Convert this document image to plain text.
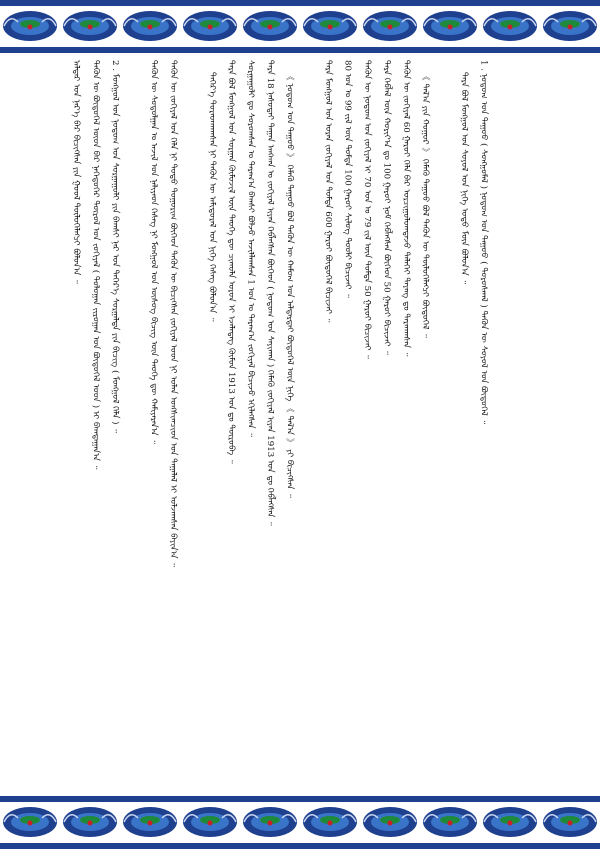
ᠠᠯᠳᠠᠷ ᠤᠨ ᠨᠡᠷ᠎ᠡ ᠪᠡᠷ ᠪᠢᠴᠢᠭᠰᠡᠨ ᠶᠢᠨ ᠭᠣᠣᠯ ᠲᠥᠯᠦᠭᠡᠯᠡᠭᠴᠢ ᠪᠣᠯᠤᠨ᠎ᠠ ᠃ ᠲᠡᠭᠦᠨ ᠦ ᠪᠦᠲᠦᠭᠡᠯ ᠦᠳ ᠪᠡᠷ ᠨᠡᠭᠡᠳᠦᠭᠡᠷ ᠲᠥᠷᠥᠯ ᠤᠨ ᠵᠣᠬᠢᠶᠠᠯ ( ᠳᠣᠯᠣᠭᠠᠨ ᠵᠢᠷᠤᠭᠠᠨ ᠤᠨ ᠪᠦᠲᠦᠭᠡᠯ ᠤᠳ ) ᠢ ᠪᠠᠭᠲᠠᠭᠠᠨ᠎ᠠ ᠃ 2 . ᠮᠣᠩᠭᠣᠯ ᠤᠨ ᠨᠤᠲᠤᠭ ᠤᠨ ᠰᠤᠷᠭᠠᠭᠤᠯᠢ ᠶᠢᠨ ᠪᠠᠭᠰᠢ ᠨᠠᠷ ᠤᠨ ᠳᠡᠭᠡᠷ᠎ᠡ ᠰᠤᠷᠭᠠᠯᠲᠠ ᠶᠢᠨ ᠪᠢᠴᠢᠭ ( ᠮᠣᠩᠭᠣᠯ ᠬᠡᠯᠡ ) ᠃	ᠲᠡᠭᠦᠨ ᠦ ᠰᠤᠳᠤᠯᠭᠠᠨ ᠤ ᠠᠵᠢᠯ ᠤᠨ ᠨᠡᠯᠢᠶᠡᠳ ᠬᠡᠰᠡᠭ ᠨᠢ ᠮᠣᠩᠭᠣᠯ ᠤᠨ ᠦᠰᠦᠭ ᠪᠢᠴᠢᠭ ᠦᠨ ᠲᠡᠦᠬᠡ ᠳᠦ ᠬᠠᠮᠢᠶᠠᠷᠠᠨ᠎ᠠ ᠃ ᠲᠡᠭᠦᠨ ᠦ ᠵᠣᠬᠢᠶᠠᠯ ᠤᠨ ᠬᠡᠯᠡ ᠨᠢ ᠲᠣᠳᠣ ᠲᠣᠭᠣᠷᠢᠭ ᠪᠥᠭᠡᠳ ᠲᠡᠭᠦᠨ ᠦ ᠪᠢᠴᠢᠭᠰᠡᠨ ᠵᠣᠬᠢᠶᠠᠯ ᠤᠳ ᠨᠢ ᠣᠯᠠᠨ ᠤᠩᠰᠢᠭᠴᠢᠳ ᠤᠨ ᠲᠠᠭᠠᠯᠠᠯ ᠢ ᠣᠯᠵᠠᠭᠰᠠᠨ ᠪᠠᠶᠢᠨ᠎ᠠ ᠃	ᠳᠡᠭᠡᠷ᠎ᠡ ᠳᠤᠷᠠᠳᠬᠠᠭᠰᠠᠨ ᠨᠢ ᠲᠡᠭᠦᠨ ᠦ ᠠᠮᠢᠳᠤᠷᠠᠯ ᠤᠨ ᠨᠢᠭᠡ ᠬᠡᠰᠡᠭ ᠪᠣᠯᠤᠨ᠎ᠠ ᠃ ᠲᠡᠷᠡ ᠪᠣᠯ ᠮᠣᠩᠭᠣᠯ ᠤᠨ ᠰᠤᠷᠭᠠᠨ ᠬᠦᠮᠦᠵᠢᠯ ᠦᠨ ᠲᠡᠦᠬᠡ ᠳᠦ ᠴᠢᠬᠤᠯᠠ ᠣᠷᠣᠨ ᠢ ᠡᠵᠡᠯᠡᠳᠡᠭ ᠬᠦᠮᠦᠨ 1913 ᠣᠨ ᠳᠤ ᠲᠥᠷᠥᠪᠡ ᠃ ᠰᠤᠷᠭᠠᠭᠤᠯᠢ ᠳᠤ ᠰᠤᠷᠤᠭᠰᠠᠨ ᠤ ᠳᠠᠷᠠᠭ᠎ᠠ ᠪᠠᠭᠰᠢ ᠪᠣᠯᠵᠤ ᠠᠵᠢᠯᠯᠠᠭᠰᠠᠨ 1 ᠣᠨ ᠤ ᠳᠠᠷᠠᠭ᠎ᠠ ᠵᠣᠬᠢᠶᠠᠯ ᠪᠢᠴᠢᠵᠦ ᠡᠬᠢᠯᠡᠭᠰᠡᠨ ᠃ ᠲᠡᠷᠡ 18 ᠨᠠᠰᠤᠲᠠᠢ ᠳᠠᠭᠠᠨ ᠠᠩᠬᠠᠨ ᠤ ᠵᠣᠬᠢᠶᠠᠯ ᠢᠶᠠᠨ ᠬᠡᠪᠯᠡᠭᠰᠡᠨ ᠪᠥᠭᠡᠳ ( ᠨᠤᠲᠤᠭ ᠤᠨ ᠰᠠᠶᠢᠬᠠᠨ ) ᠬᠡᠮᠡᠬᠦ ᠵᠣᠬᠢᠶᠠᠯ ᠢᠶᠠᠨ 1913 ᠣᠨ ᠳᠤ ᠬᠡᠪᠯᠡᠭᠰᠡᠨ ᠃ 《 ᠨᠤᠲᠤᠭ ᠤᠨ ᠳᠠᠭᠤᠤ 》 ᠬᠡᠮᠡᠬᠦ ᠳᠠᠭᠤᠤ ᠪᠣᠯ ᠲᠡᠭᠦᠨ ᠦ ᠬᠠᠮᠤᠭ ᠤᠨ ᠠᠯᠳᠠᠷᠲᠠᠢ ᠪᠦᠲᠦᠭᠡᠯ ᠦᠨ ᠨᠢᠭᠡ 《 ᠲᠠᠯ᠎ᠠ 》 ᠶᠢ ᠪᠢᠴᠢᠭᠰᠡᠨ ᠃	ᠲᠡᠷᠡ ᠮᠣᠩᠭᠣᠯ ᠤᠨ ᠤᠷᠠᠨ ᠵᠣᠬᠢᠶᠠᠯ ᠤᠨ ᠳᠤᠮᠳᠠ 600 ᠭᠠᠷᠤᠢ ᠪᠦᠲᠦᠭᠡᠯ ᠪᠢᠴᠢᠵᠡᠢ ᠃ 80 ᠣᠨ ᠤ 99 ᠵᠢᠯ ᠦᠨ ᠳᠤᠮᠳᠠ 100 ᠭᠠᠷᠤᠢ ᠰᠢᠯᠦᠭ ᠳᠤᠤᠯᠢ ᠪᠢᠴᠢᠵᠡᠢ ᠃ ᠲᠡᠭᠦᠨ ᠦ ᠨᠤᠲᠤᠭ ᠤᠨ ᠵᠣᠬᠢᠶᠠᠯ ᠢ 70 ᠣᠨ ᠤ 79 ᠵᠢᠯ ᠦᠨ ᠳᠤᠮᠳᠠ 50 ᠭᠠᠷᠤᠢ ᠪᠢᠴᠢᠵᠡᠢ ᠃ ᠲᠡᠷᠡ ᠬᠡᠪᠯᠡᠯ ᠦᠨ ᠬᠣᠷᠢᠶ᠎ᠠ ᠳᠤ 100 ᠭᠠᠷᠤᠢ ᠨᠣᠮ ᠬᠡᠪᠯᠡᠭᠰᠡᠨ ᠪᠥᠭᠡᠳ 50 ᠭᠠᠷᠤᠢ ᠪᠢᠴᠢᠵᠡᠢ ᠃ ᠲᠡᠭᠦᠨ ᠦ ᠵᠣᠬᠢᠶᠠᠯ 60 ᠭᠠᠷᠤᠢ ᠬᠡᠯᠡ ᠪᠡᠷ ᠣᠷᠴᠢᠭᠤᠯᠤᠭᠳᠠᠵᠤ ᠳᠡᠯᠡᠬᠡᠢ ᠳᠠᠶᠠᠩ ᠳᠤ ᠲᠠᠷᠬᠠᠭᠰᠠᠨ ᠃ 《 ᠲᠠᠯ᠎ᠠ ᠶᠢᠨ ᠬᠤᠭᠤᠷ 》 ᠬᠡᠮᠡᠬᠦ ᠳᠠᠭᠤᠤ ᠪᠣᠯ ᠲᠡᠭᠦᠨ ᠦ ᠲᠥᠯᠦᠭᠡᠯᠡᠭᠴᠢ ᠪᠦᠲᠦᠭᠡᠯ ᠃	ᠲᠡᠷᠡ ᠪᠣᠯ ᠮᠣᠩᠭᠣᠯ ᠤᠨ ᠰᠣᠶᠣᠯ ᠤᠨ ᠨᠢᠭᠡ ᠣᠳᠣ ᠮᠥᠨ ᠪᠣᠯᠤᠨ᠎ᠠ ᠃ 1 . ᠨᠤᠲᠤᠭ ᠤᠨ ᠳᠠᠭᠤᠤ ( ᠰᠣᠩᠭᠣᠮᠠᠯ ) ᠨᠤᠲᠤᠭ ᠤᠨ ᠳᠠᠭᠤᠤ ( ᠳᠤᠷᠤᠰᠬᠠᠯ ) ᠲᠡᠭᠦᠨ ᠦ ᠰᠣᠶᠣᠯ ᠤᠨ ᠪᠦᠲᠦᠭᠡᠯ ᠃
